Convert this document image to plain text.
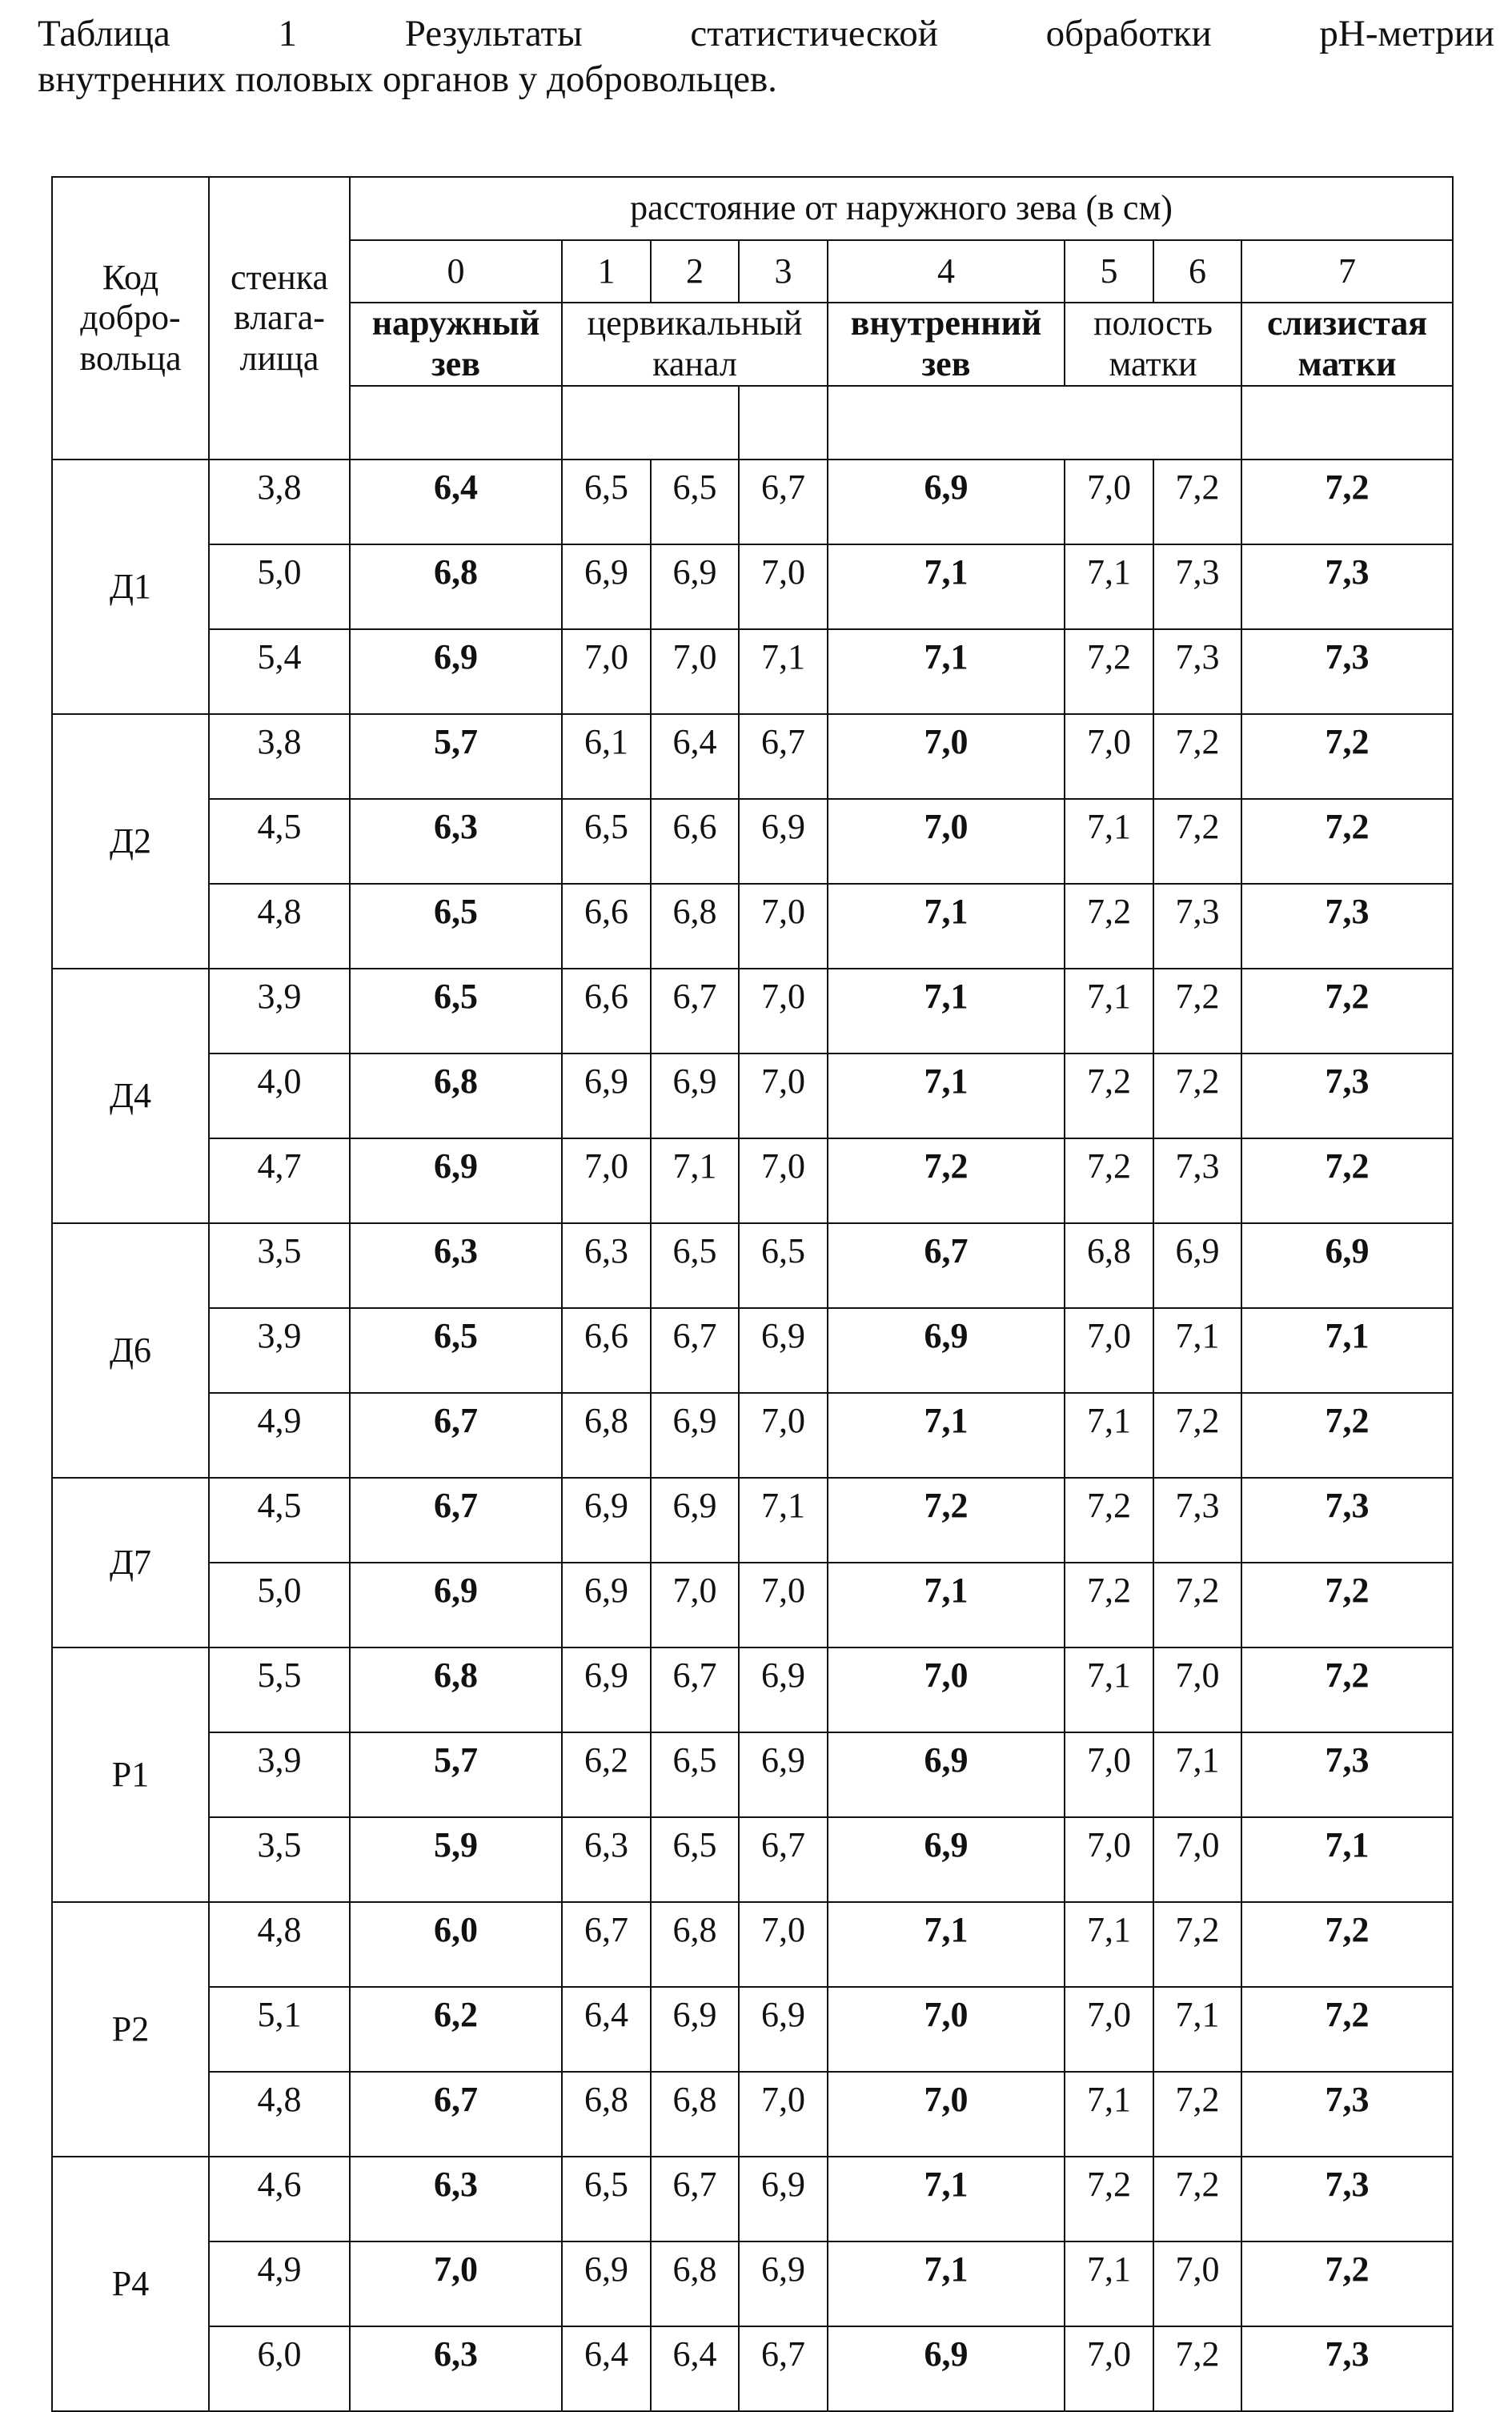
Таблица 1 Результаты статистической обработки рН-метрии
внутренних половых органов у добровольцев.
Код добро-вольца	стенка влага-лища	расстояние от наружного зева (в см)							
		0	1	2	3	4	5	6	7
		наружный зев	цервикальный канал			внутренний зев	полость матки		слизистая матки

Д1	3,8	6,4	6,5	6,5	6,7	6,9	7,0	7,2	7,2
	5,0	6,8	6,9	6,9	7,0	7,1	7,1	7,3	7,3
	5,4	6,9	7,0	7,0	7,1	7,1	7,2	7,3	7,3
Д2	3,8	5,7	6,1	6,4	6,7	7,0	7,0	7,2	7,2
	4,5	6,3	6,5	6,6	6,9	7,0	7,1	7,2	7,2
	4,8	6,5	6,6	6,8	7,0	7,1	7,2	7,3	7,3
Д4	3,9	6,5	6,6	6,7	7,0	7,1	7,1	7,2	7,2
	4,0	6,8	6,9	6,9	7,0	7,1	7,2	7,2	7,3
	4,7	6,9	7,0	7,1	7,0	7,2	7,2	7,3	7,2
Д6	3,5	6,3	6,3	6,5	6,5	6,7	6,8	6,9	6,9
	3,9	6,5	6,6	6,7	6,9	6,9	7,0	7,1	7,1
	4,9	6,7	6,8	6,9	7,0	7,1	7,1	7,2	7,2
Д7	4,5	6,7	6,9	6,9	7,1	7,2	7,2	7,3	7,3
	5,0	6,9	6,9	7,0	7,0	7,1	7,2	7,2	7,2
Р1	5,5	6,8	6,9	6,7	6,9	7,0	7,1	7,0	7,2
	3,9	5,7	6,2	6,5	6,9	6,9	7,0	7,1	7,3
	3,5	5,9	6,3	6,5	6,7	6,9	7,0	7,0	7,1
Р2	4,8	6,0	6,7	6,8	7,0	7,1	7,1	7,2	7,2
	5,1	6,2	6,4	6,9	6,9	7,0	7,0	7,1	7,2
	4,8	6,7	6,8	6,8	7,0	7,0	7,1	7,2	7,3
Р4	4,6	6,3	6,5	6,7	6,9	7,1	7,2	7,2	7,3
	4,9	7,0	6,9	6,8	6,9	7,1	7,1	7,0	7,2
	6,0	6,3	6,4	6,4	6,7	6,9	7,0	7,2	7,3
